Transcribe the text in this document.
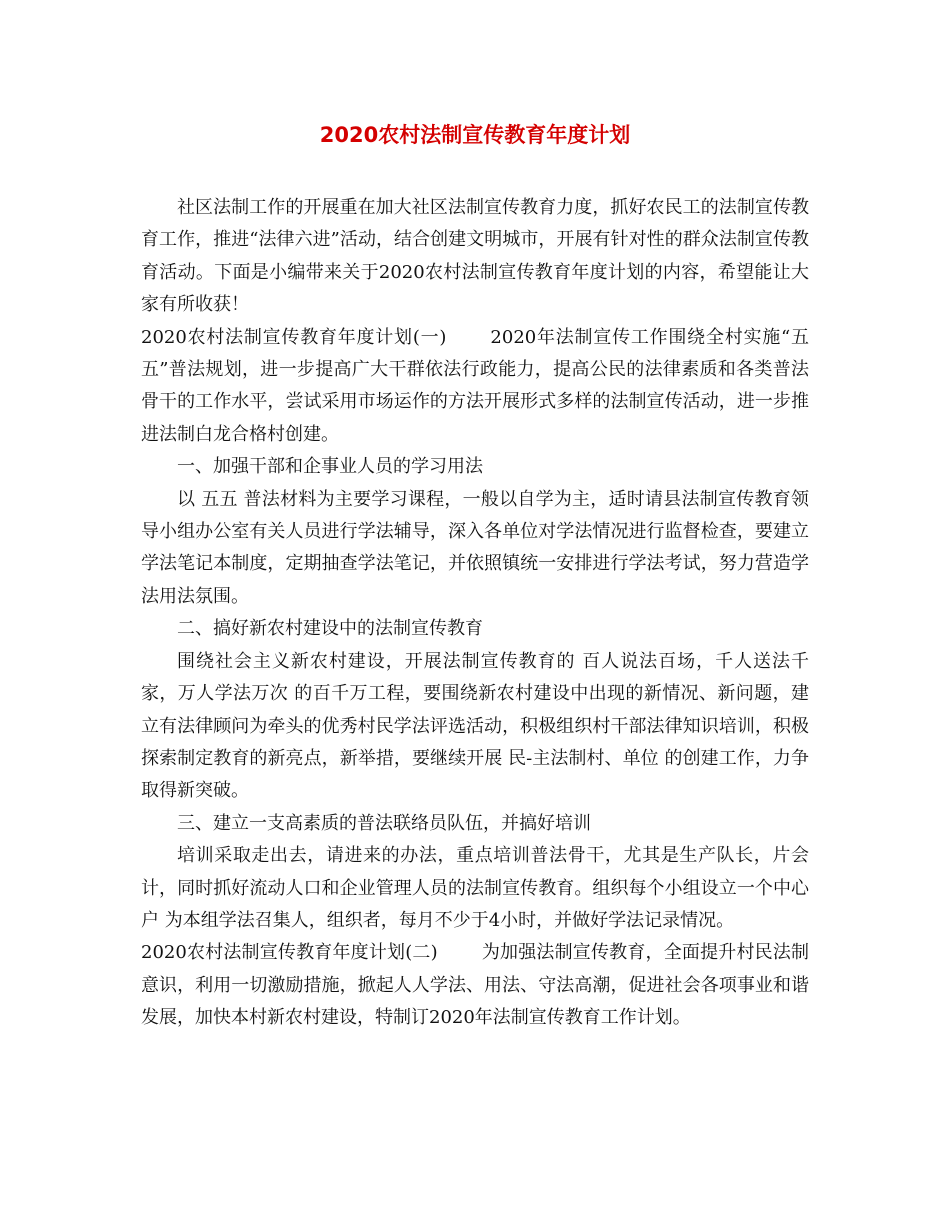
2020农村法制宣传教育年度计划

社区法制工作的开展重在加大社区法制宣传教育力度，抓好农民工的法制宣传教育工作，推进“法律六进”活动，结合创建文明城市，开展有针对性的群众法制宣传教育活动。下面是小编带来关于2020农村法制宣传教育年度计划的内容，希望能让大家有所收获！

2020农村法制宣传教育年度计划(一) 2020年法制宣传工作围绕全村实施“五五”普法规划，进一步提高广大干群依法行政能力，提高公民的法律素质和各类普法骨干的工作水平，尝试采用市场运作的方法开展形式多样的法制宣传活动，进一步推进法制白龙合格村创建。

一、加强干部和企事业人员的学习用法

以 五五 普法材料为主要学习课程，一般以自学为主，适时请县法制宣传教育领导小组办公室有关人员进行学法辅导，深入各单位对学法情况进行监督检查，要建立学法笔记本制度，定期抽查学法笔记，并依照镇统一安排进行学法考试，努力营造学法用法氛围。

二、搞好新农村建设中的法制宣传教育

围绕社会主义新农村建设，开展法制宣传教育的 百人说法百场，千人送法千家，万人学法万次 的百千万工程，要围绕新农村建设中出现的新情况、新问题，建立有法律顾问为牵头的优秀村民学法评选活动，积极组织村干部法律知识培训，积极探索制定教育的新亮点，新举措，要继续开展 民-主法制村、单位 的创建工作，力争取得新突破。

三、建立一支高素质的普法联络员队伍，并搞好培训

培训采取走出去，请进来的办法，重点培训普法骨干，尤其是生产队长，片会计，同时抓好流动人口和企业管理人员的法制宣传教育。组织每个小组设立一个中心户 为本组学法召集人，组织者，每月不少于4小时，并做好学法记录情况。

2020农村法制宣传教育年度计划(二) 为加强法制宣传教育，全面提升村民法制意识，利用一切激励措施，掀起人人学法、用法、守法高潮，促进社会各项事业和谐发展，加快本村新农村建设，特制订2020年法制宣传教育工作计划。
